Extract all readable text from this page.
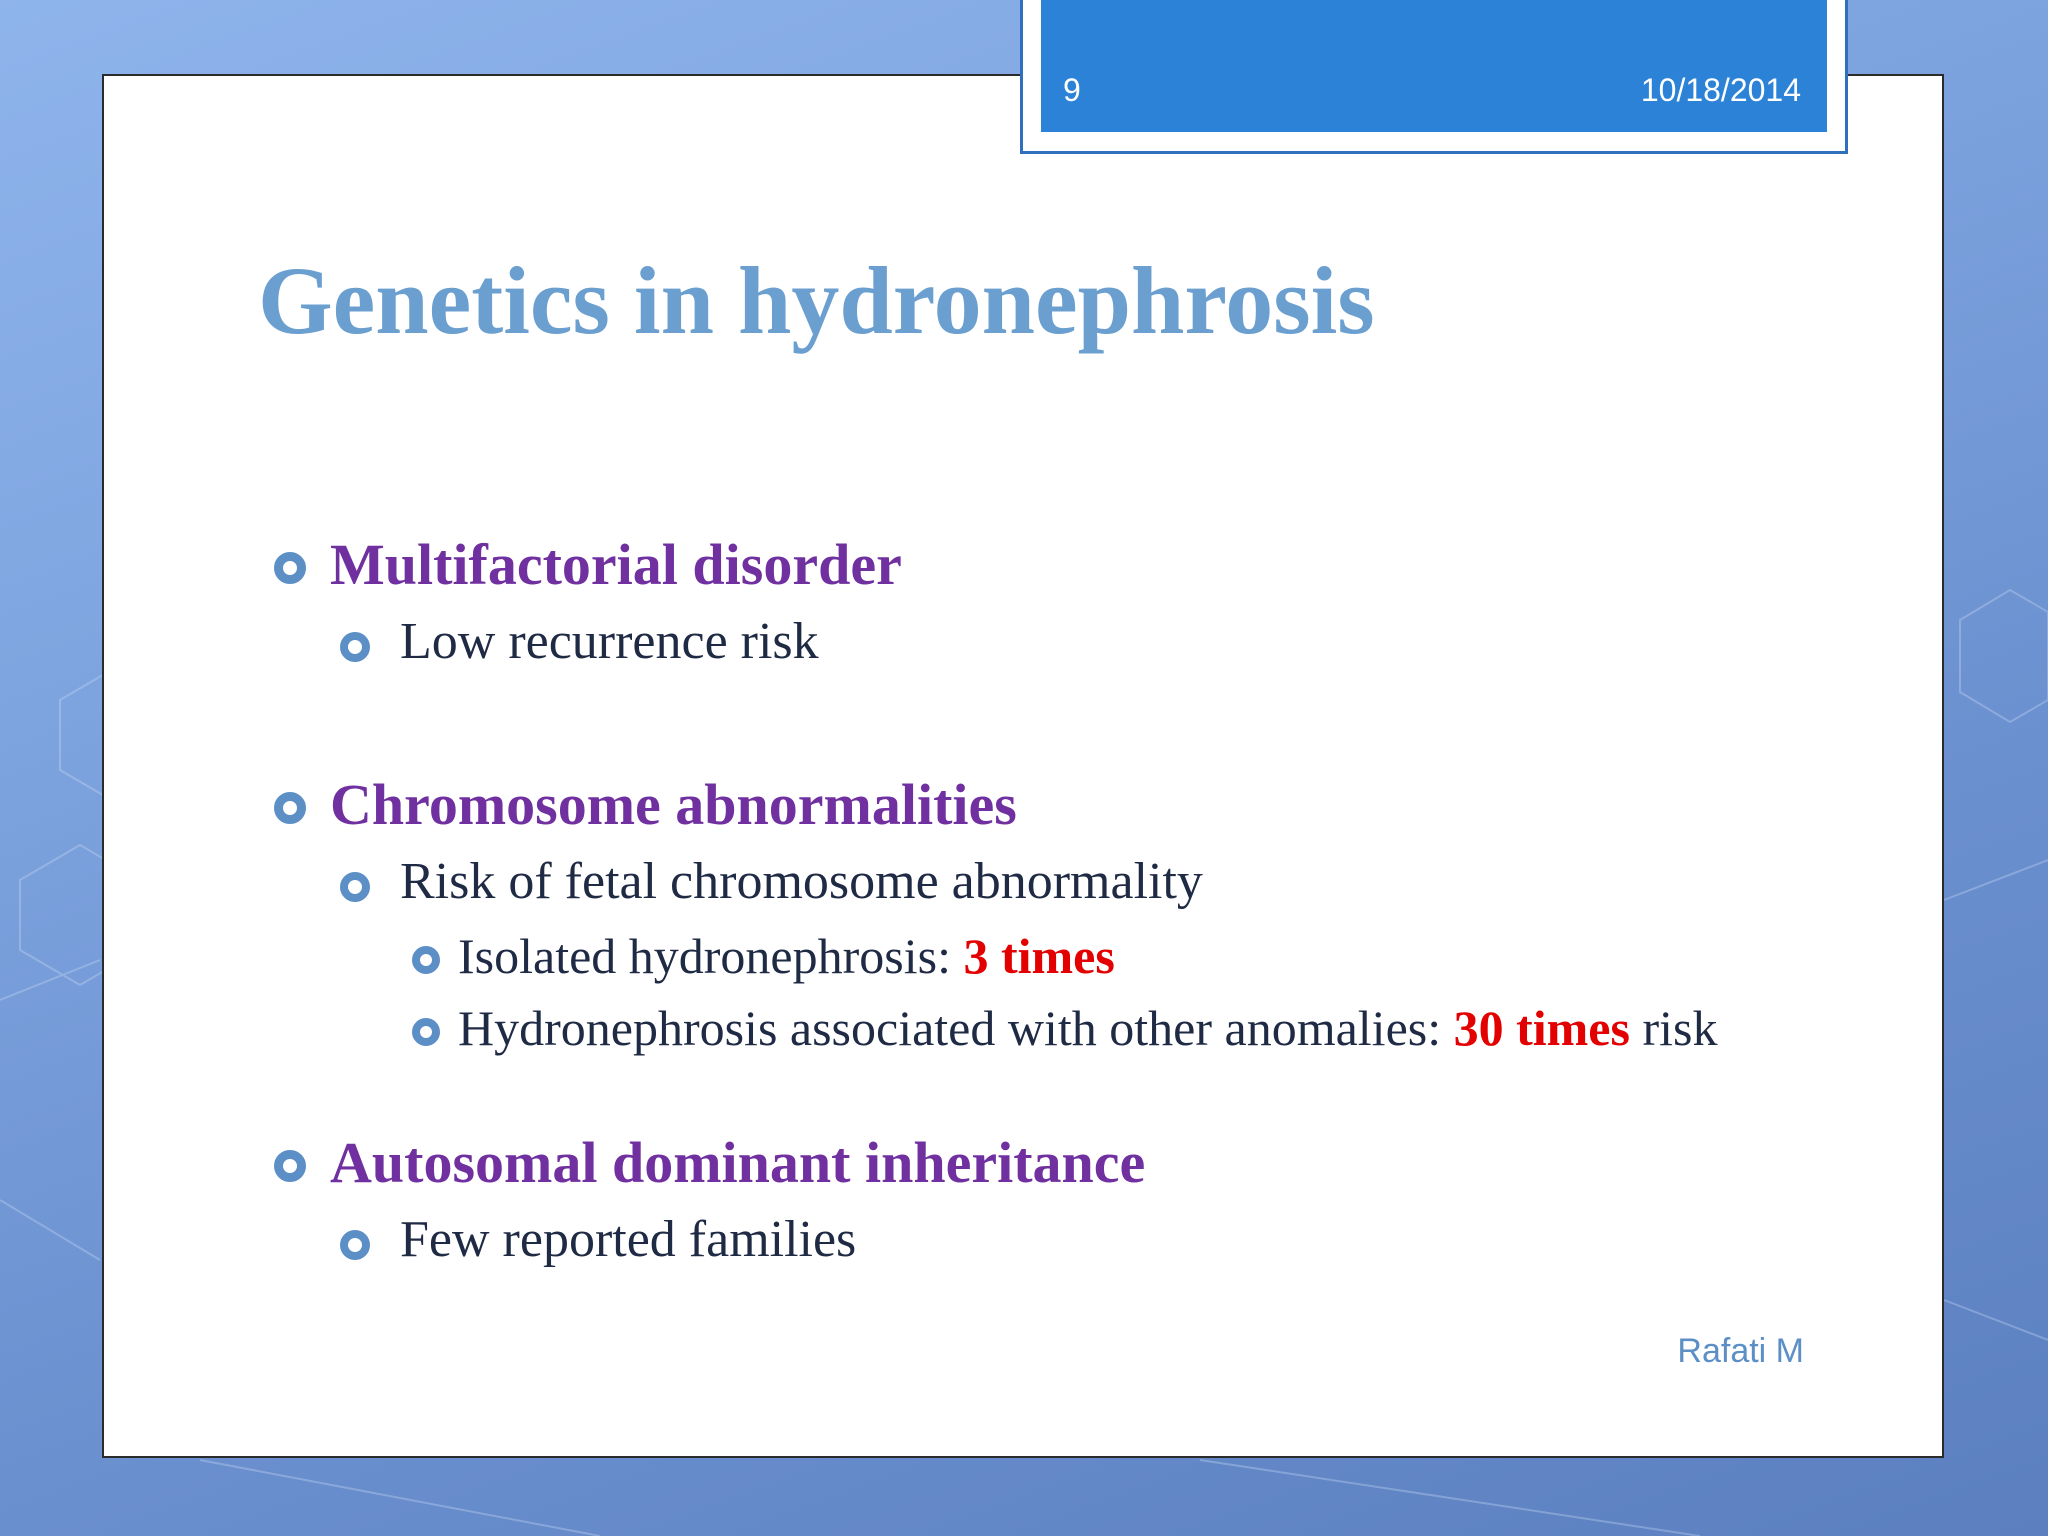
9	10/18/2014
Genetics in hydronephrosis
Multifactorial disorder
Low recurrence risk
Chromosome abnormalities
Risk of fetal chromosome abnormality
Isolated hydronephrosis: 3 times
Hydronephrosis associated with other anomalies: 30 times risk
Autosomal dominant inheritance
Few reported families
Rafati M
